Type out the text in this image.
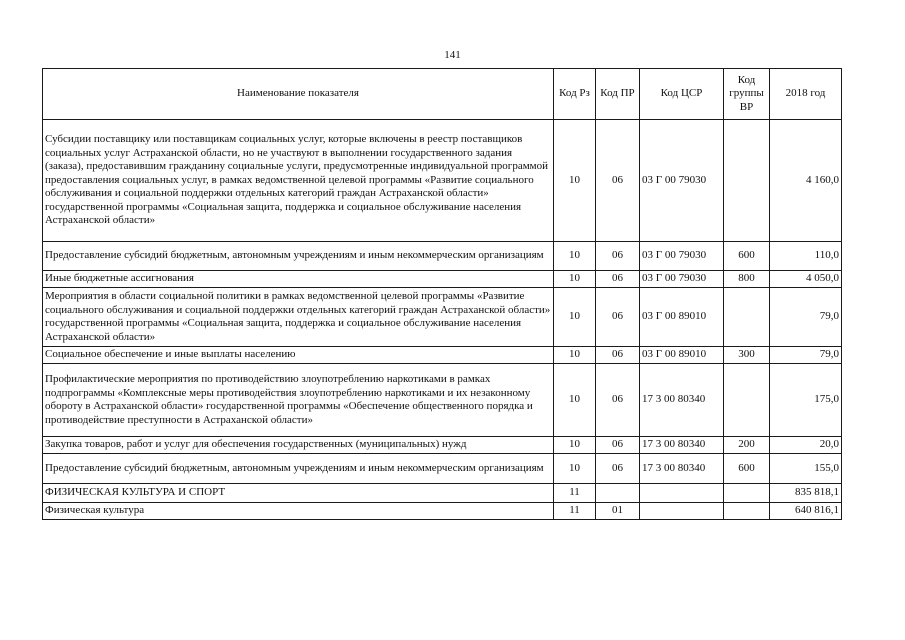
141
Наименование показателя	Код Рз	Код ПР	Код ЦСР	Код группы ВР	2018 год
Субсидии поставщику или поставщикам социальных услуг, которые включены в реестр поставщиков социальных услуг Астраханской области, но не участвуют в выполнении государственного задания (заказа), предоставившим гражданину социальные услуги, предусмотренные индивидуальной программой предоставления социальных услуг, в рамках ведомственной целевой программы «Развитие социального обслуживания и социальной поддержки отдельных категорий граждан Астраханской области» государственной программы «Социальная защита, поддержка и социальное обслуживание населения Астраханской области»	10	06	03 Г 00 79030		4 160,0
Предоставление субсидий бюджетным, автономным учреждениям и иным некоммерческим организациям	10	06	03 Г 00 79030	600	110,0
Иные бюджетные ассигнования	10	06	03 Г 00 79030	800	4 050,0
Мероприятия в области социальной политики в рамках ведомственной целевой программы «Развитие социального обслуживания и социальной поддержки отдельных категорий граждан Астраханской области» государственной программы «Социальная защита, поддержка и социальное обслуживание населения Астраханской области»	10	06	03 Г 00 89010		79,0
Социальное обеспечение и иные выплаты населению	10	06	03 Г 00 89010	300	79,0
Профилактические мероприятия по противодействию злоупотреблению наркотиками в рамках подпрограммы «Комплексные меры противодействия злоупотреблению наркотиками и их незаконному обороту в Астраханской области» государственной программы «Обеспечение общественного порядка и противодействие преступности в Астраханской области»	10	06	17 3 00 80340		175,0
Закупка товаров, работ и услуг для обеспечения государственных (муниципальных) нужд	10	06	17 3 00 80340	200	20,0
Предоставление субсидий бюджетным, автономным учреждениям и иным некоммерческим организациям	10	06	17 3 00 80340	600	155,0
ФИЗИЧЕСКАЯ КУЛЬТУРА И СПОРТ	11				835 818,1
Физическая культура	11	01			640 816,1
